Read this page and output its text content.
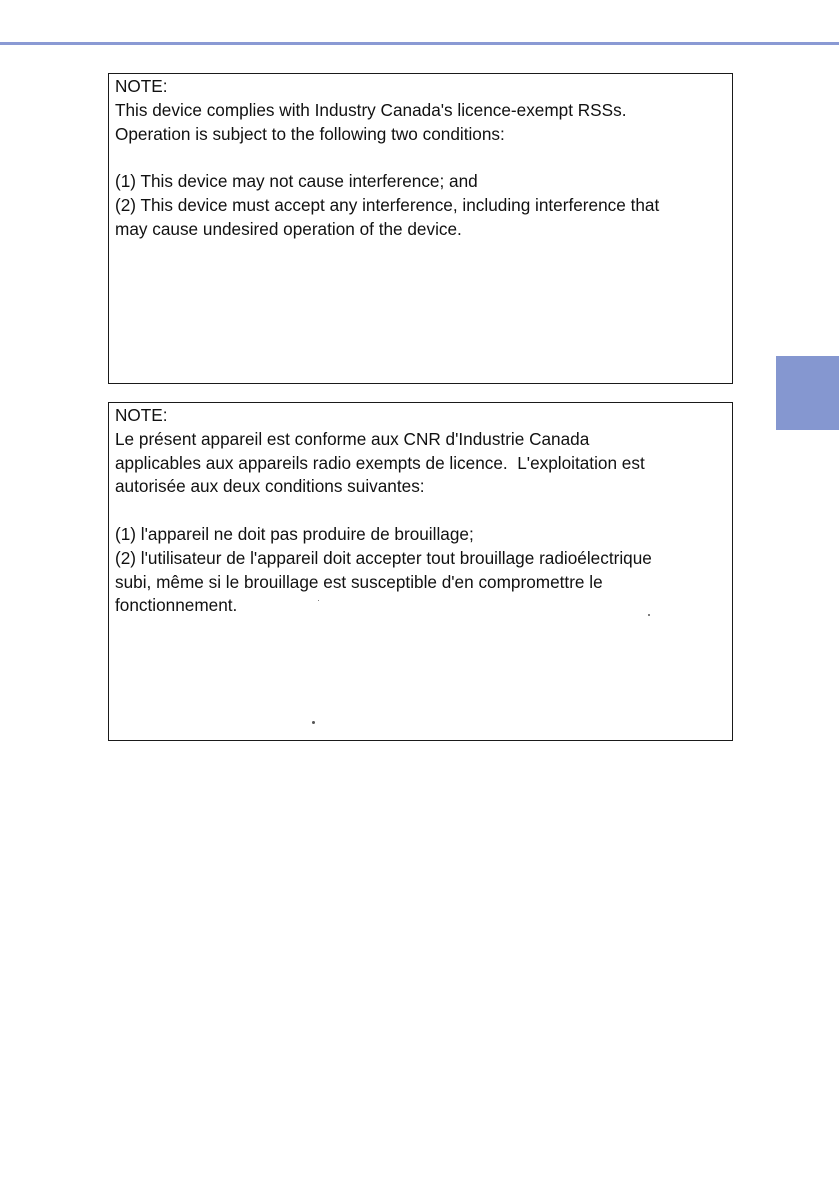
NOTE:

This device complies with Industry Canada's licence-exempt RSSs.

Operation is subject to the following two conditions:

(1) This device may not cause interference; and

(2) This device must accept any interference, including interference that

may cause undesired operation of the device.

NOTE:

Le présent appareil est conforme aux CNR d'Industrie Canada

applicables aux appareils radio exempts de licence.  L'exploitation est

autorisée aux deux conditions suivantes:

(1) l'appareil ne doit pas produire de brouillage;

(2) l'utilisateur de l'appareil doit accepter tout brouillage radioélectrique

subi, même si le brouillage est susceptible d'en compromettre le

fonctionnement.
